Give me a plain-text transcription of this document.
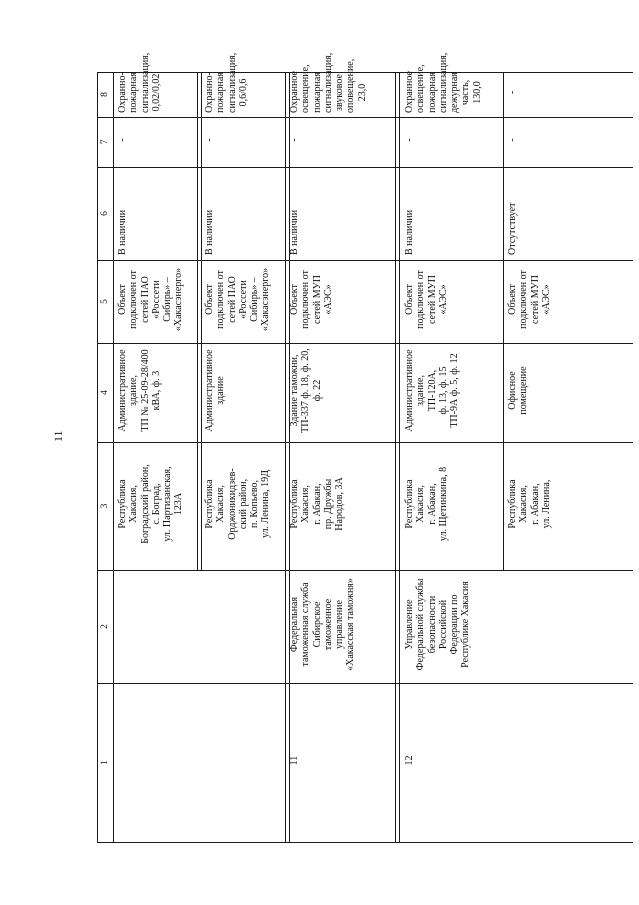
11
8
7
6
5
4
3
2
1
Охранно- пожарная сигнализация, 0,02/0,02
-
В наличии
Объект подключен от сетей ПАО «Россети Сибирь» – «Хакасэнерго»
Административное здание, ТП № 25-09-28/400 кВА, ф. 3
Республика Хакасия, Боградский район, с. Боград, ул. Партизанская, 123А
Охранно- пожарная сигнализация, 0,6/0,6
-
В наличии
Объект подключен от сетей ПАО «Россети Сибирь» – «Хакасэнерго»
Административное здание
Республика Хакасия, Орджоникидзев- ский район, п. Копьево, ул. Ленина, 19Д
Охранное освещение, пожарная сигнализация, звуковое оповещение, 23,0
-
В наличии
Объект подключен от сетей МУП «АЭС»
Здание таможни, ТП-337 ф. 18, ф. 20, ф. 22
Республика Хакасия, г. Абакан, пр. Дружбы Народов, 3А
Федеральная таможенная служба Сибирское таможенное управление «Хакасская таможня»
11
Охранное освещение, пожарная сигнализация, дежурная часть, 130,0
-
В наличии
Объект подключен от сетей МУП «АЭС»
Административное здание, ТП-120А, ф. 13, ф. 15 ТП-9А ф. 5, ф. 12
Республика Хакасия, г. Абакан, ул. Щетинкина, 8
Управление Федеральной службы безопасности Российской Федерации по Республике Хакасия
12
-
-
Отсутствует
Объект подключен от сетей МУП «АЭС»
Офисное помещение
Республика Хакасия, г. Абакан, ул. Ленина,
